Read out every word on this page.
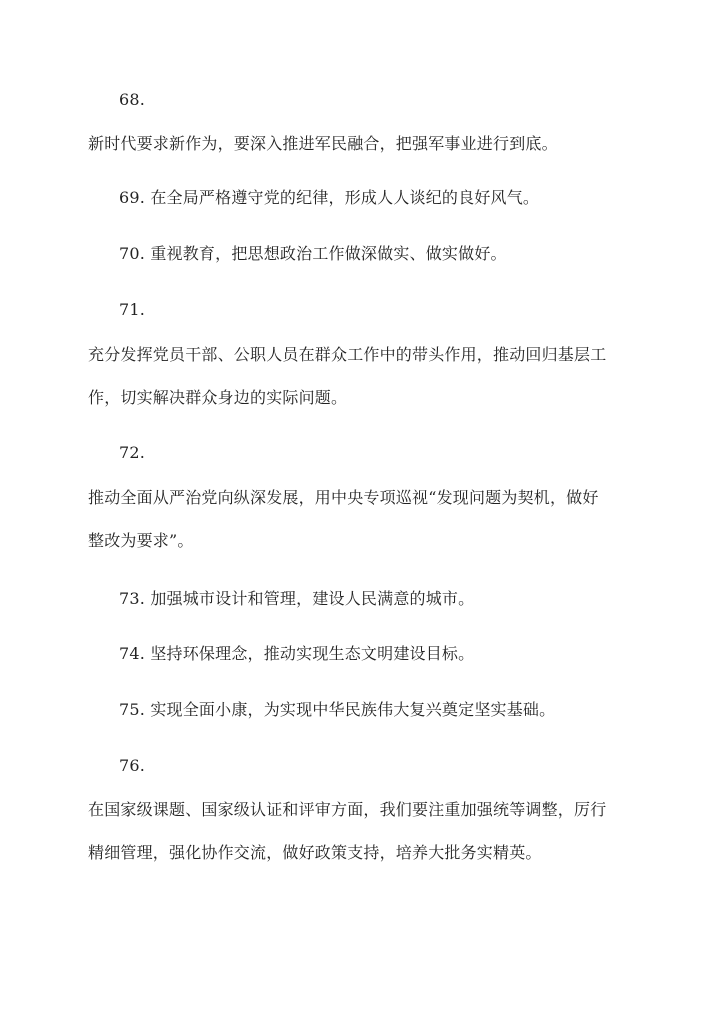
68.
新时代要求新作为，要深入推进军民融合，把强军事业进行到底。
69. 在全局严格遵守党的纪律，形成人人谈纪的良好风气。
70. 重视教育，把思想政治工作做深做实、做实做好。
71.
充分发挥党员干部、公职人员在群众工作中的带头作用，推动回归基层工
作，切实解决群众身边的实际问题。
72.
推动全面从严治党向纵深发展，用中央专项巡视“发现问题为契机，做好
整改为要求”。
73. 加强城市设计和管理，建设人民满意的城市。
74. 坚持环保理念，推动实现生态文明建设目标。
75. 实现全面小康，为实现中华民族伟大复兴奠定坚实基础。
76.
在国家级课题、国家级认证和评审方面，我们要注重加强统等调整，厉行
精细管理，强化协作交流，做好政策支持，培养大批务实精英。
